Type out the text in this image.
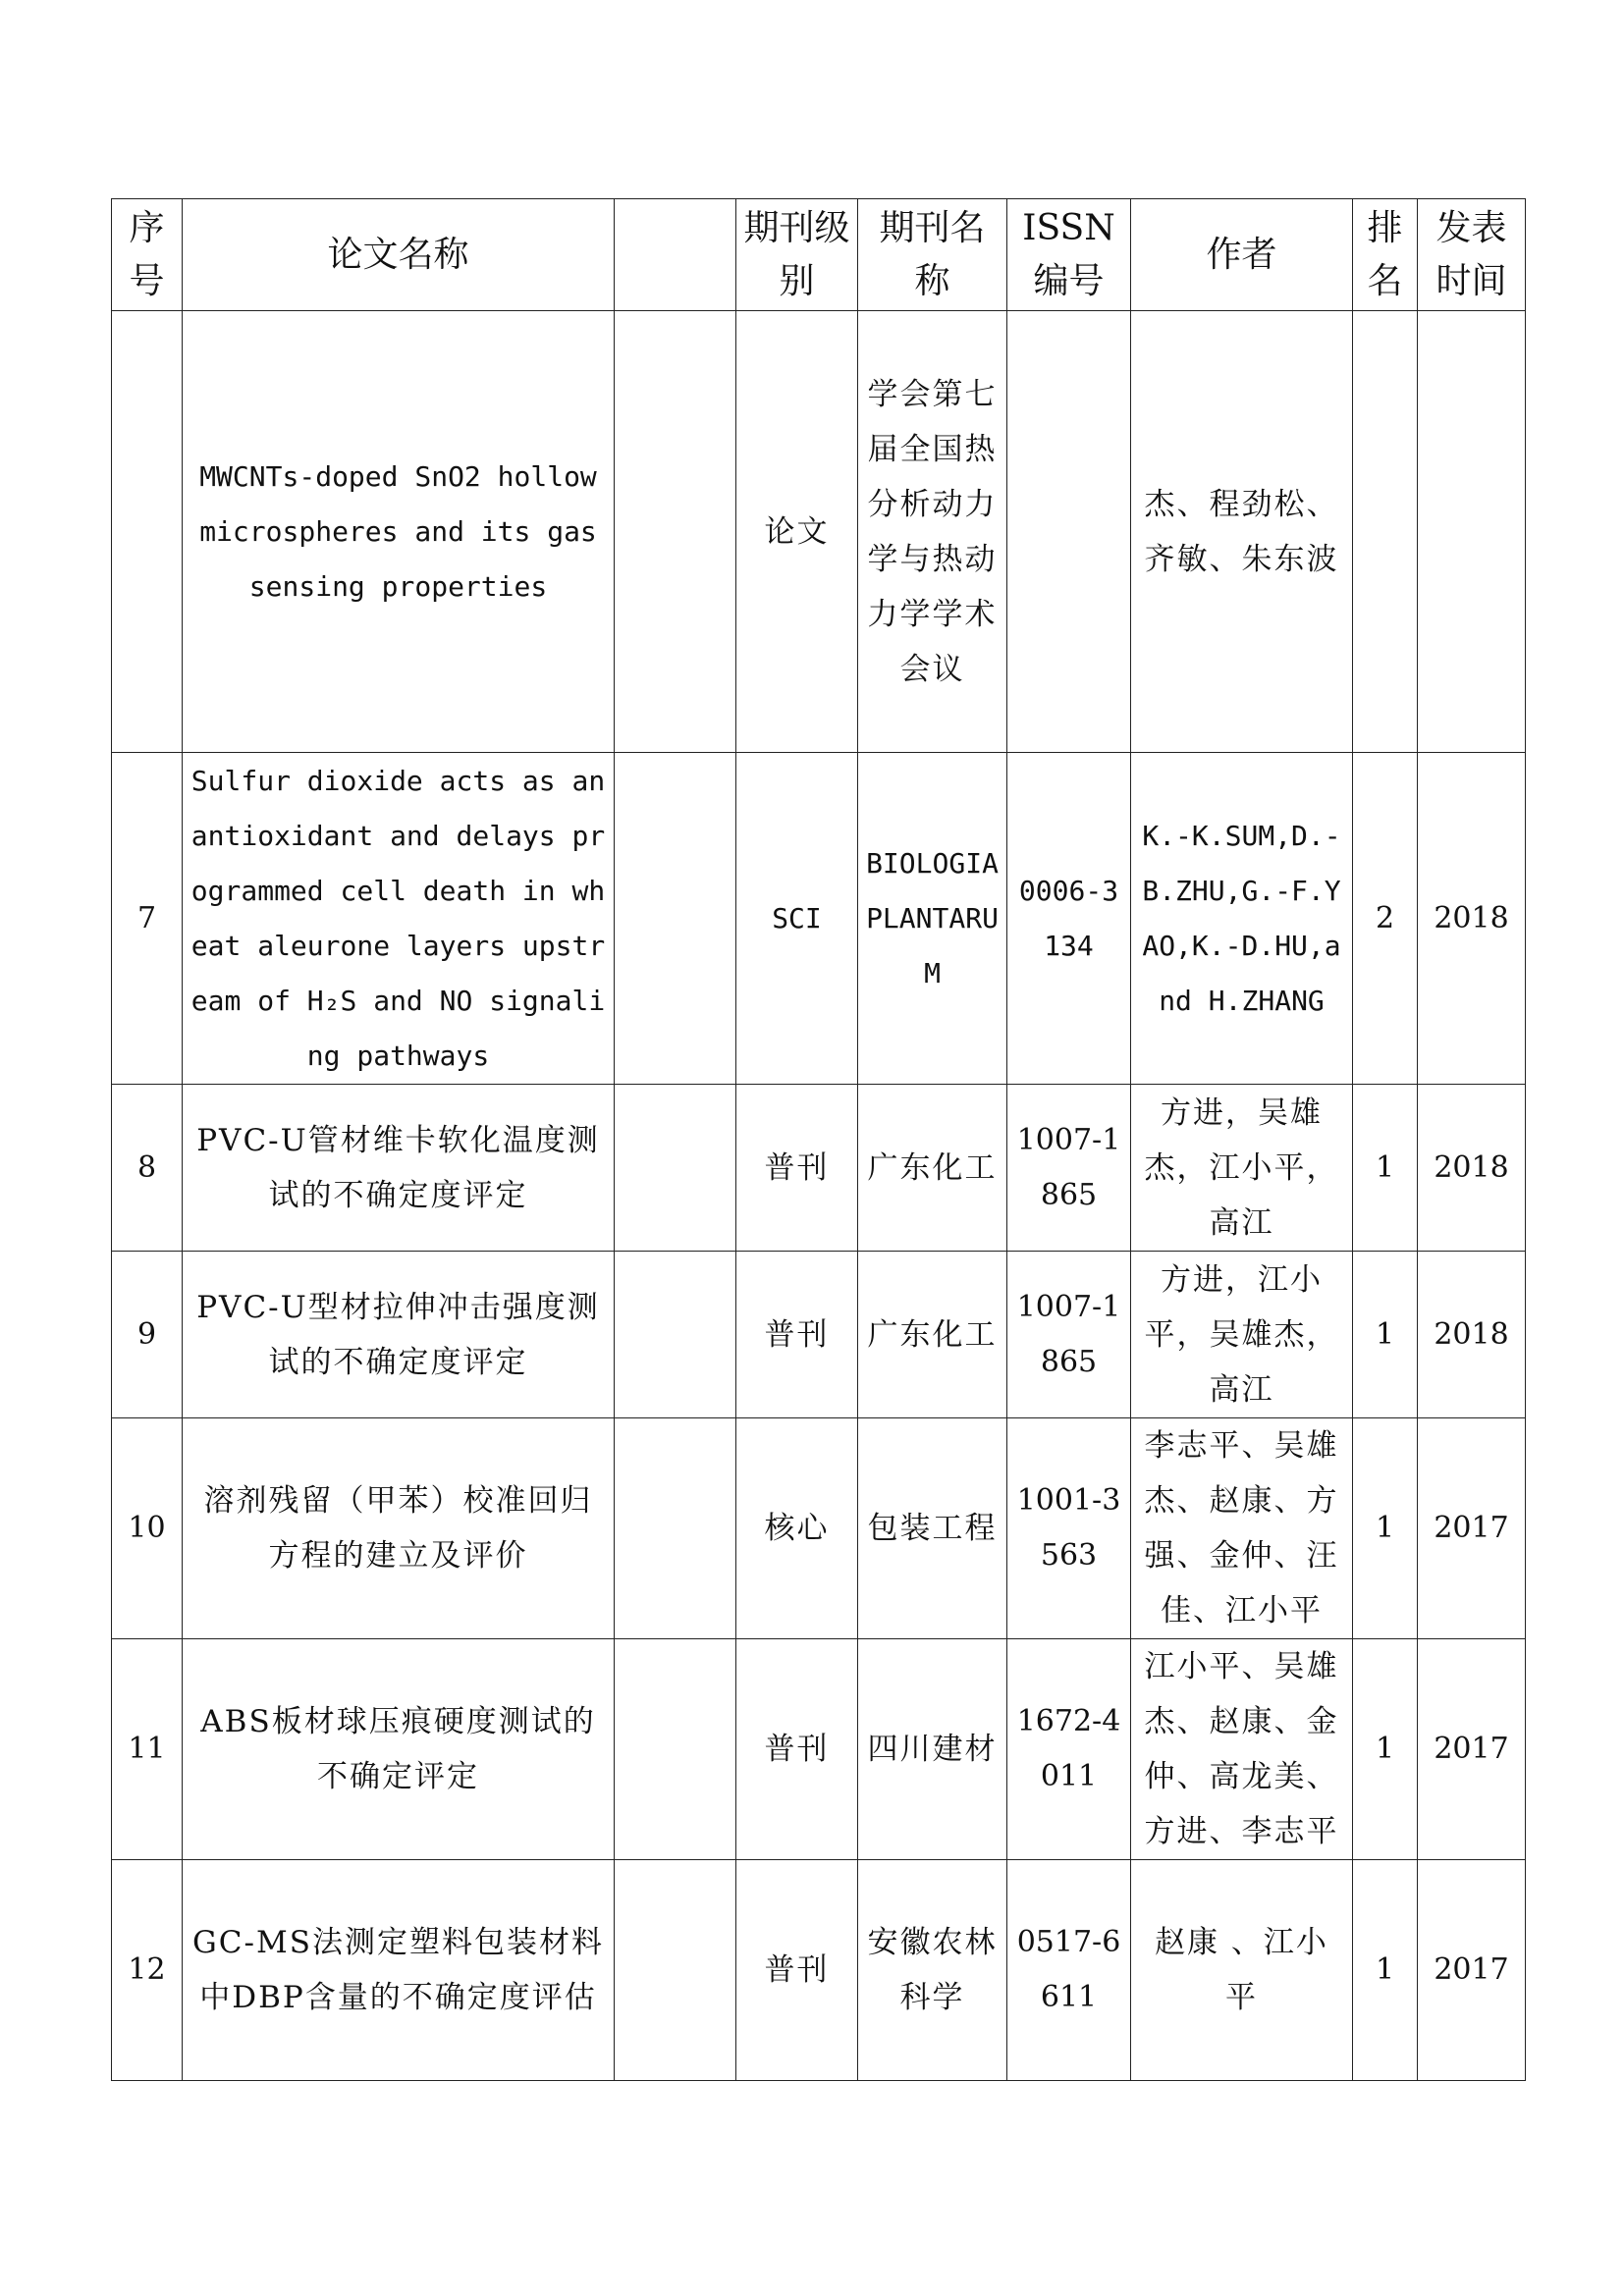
序号	论文名称		期刊级别	期刊名称	ISSN编号	作者	排名	发表时间
	MWCNTs-doped SnO2 hollow microspheres and its gas sensing properties		论文	学会第七届全国热分析动力学与热动力学学术会议		杰、程劲松、齐敏、朱东波		
7	Sulfur dioxide acts as an antioxidant and delays programmed cell death in wheat aleurone layers upstream of H₂S and NO signaling pathways		SCI	BIOLOGIA PLANTARUM	0006-3134	K.-K.SUM,D.-B.ZHU,G.-F.YAO,K.-D.HU,and H.ZHANG	2	2018
8	PVC-U管材维卡软化温度测试的不确定度评定		普刊	广东化工	1007-1865	方进，吴雄杰，江小平，高江	1	2018
9	PVC-U型材拉伸冲击强度测试的不确定度评定		普刊	广东化工	1007-1865	方进，江小平，吴雄杰，高江	1	2018
10	溶剂残留（甲苯）校准回归方程的建立及评价		核心	包装工程	1001-3563	李志平、吴雄杰、赵康、方强、金仲、汪佳、江小平	1	2017
11	ABS板材球压痕硬度测试的不确定评定		普刊	四川建材	1672-4011	江小平、吴雄杰、赵康、金仲、高龙美、方进、李志平	1	2017
12	GC-MS法测定塑料包装材料中DBP含量的不确定度评估		普刊	安徽农林科学	0517-6611	赵康 、江小平	1	2017
